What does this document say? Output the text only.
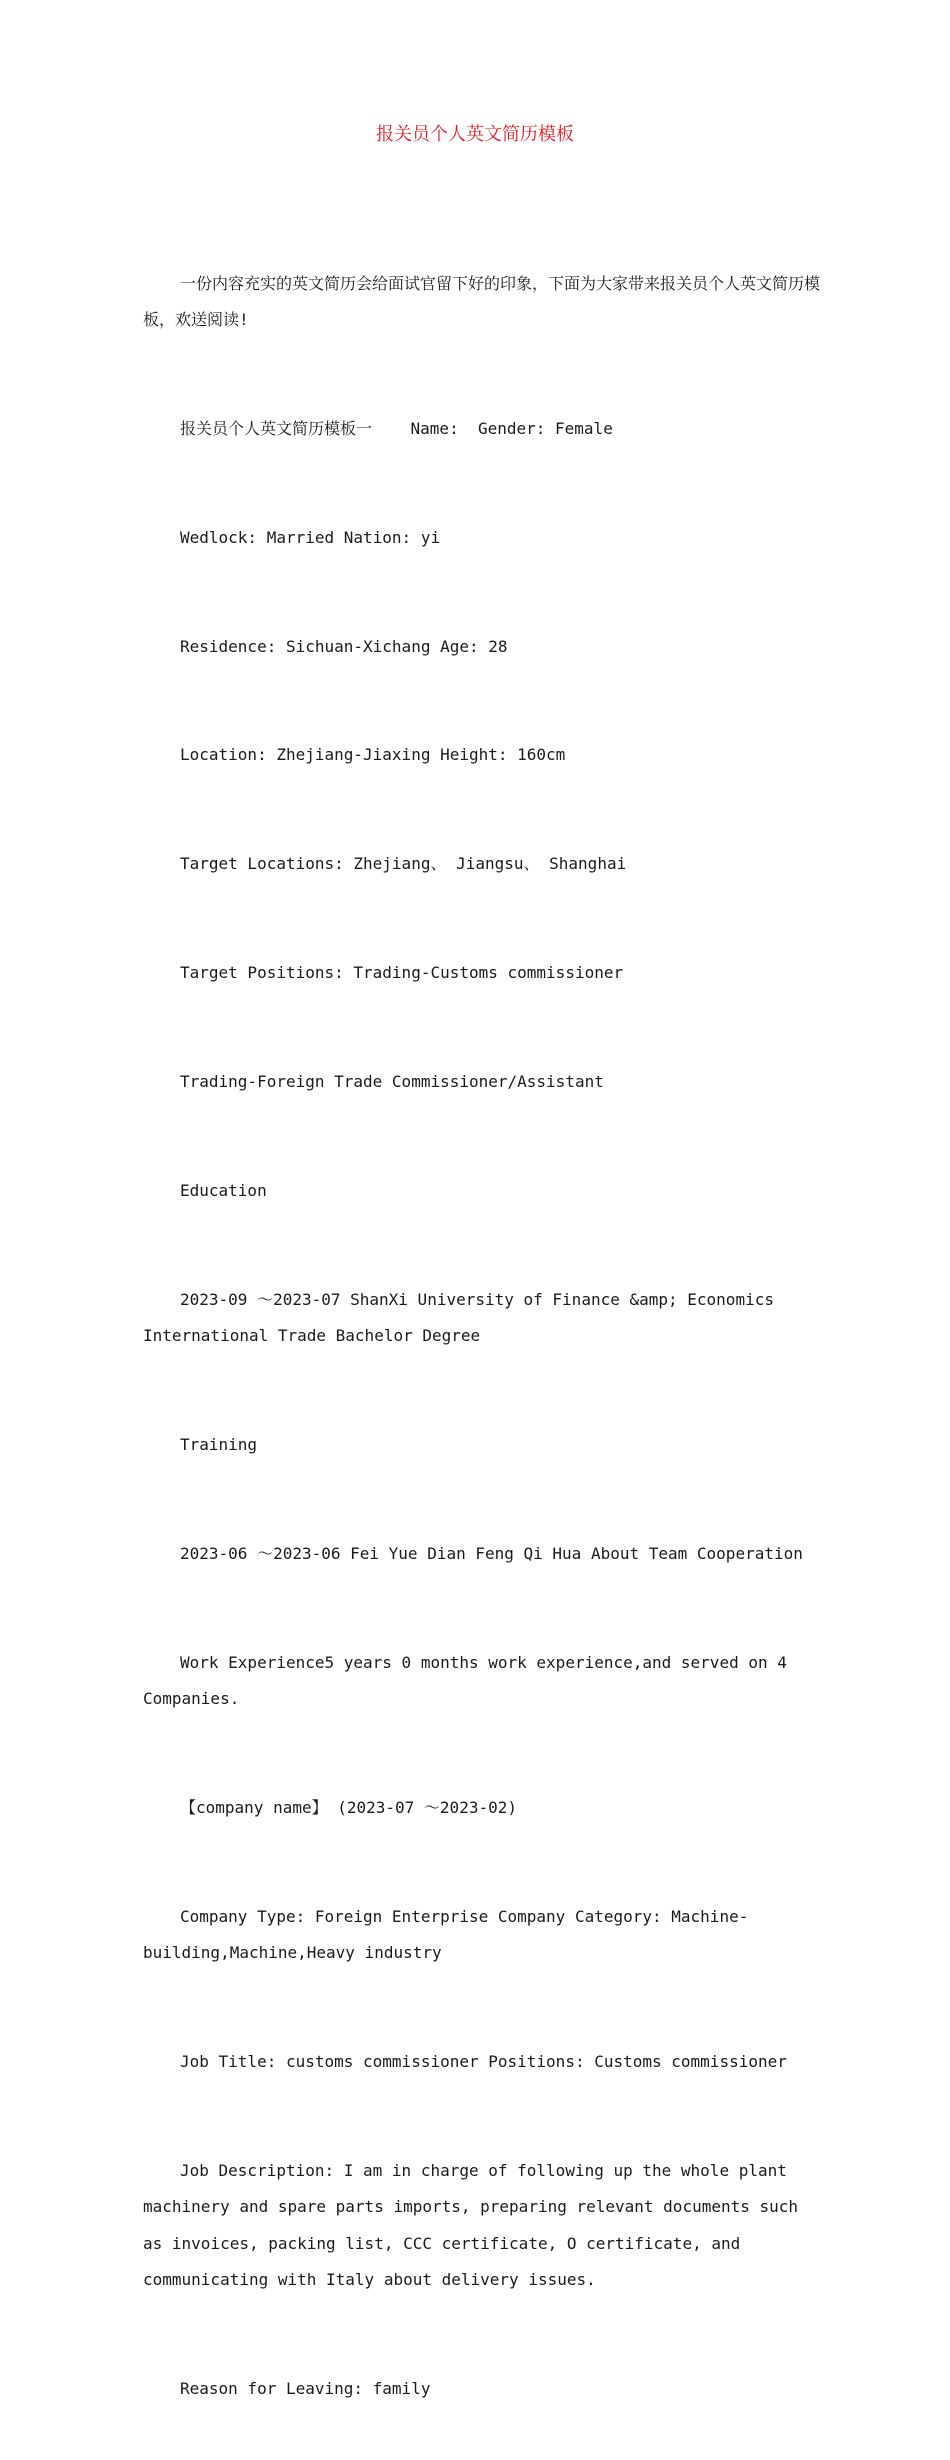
报关员个人英文简历模板

一份内容充实的英文简历会给面试官留下好的印象，下面为大家带来报关员个人英文简历模板，欢送阅读!

报关员个人英文简历模板一    Name:  Gender: Female

Wedlock: Married Nation: yi

Residence: Sichuan-Xichang Age: 28

Location: Zhejiang-Jiaxing Height: 160cm

Target Locations: Zhejiang、 Jiangsu、 Shanghai

Target Positions: Trading-Customs commissioner

Trading-Foreign Trade Commissioner/Assistant

Education

2023-09 ～2023-07 ShanXi University of Finance &amp; Economics International Trade Bachelor Degree

Training

2023-06 ～2023-06 Fei Yue Dian Feng Qi Hua About Team Cooperation

Work Experience5 years 0 months work experience,and served on 4 Companies.

【company name】 (2023-07 ～2023-02)

Company Type: Foreign Enterprise Company Category: Machine-building,Machine,Heavy industry

Job Title: customs commissioner Positions: Customs commissioner

Job Description: I am in charge of following up the whole plant machinery and spare parts imports, preparing relevant documents such as invoices, packing list, CCC certificate, O certificate, and communicating with Italy about delivery issues.

Reason for Leaving: family
